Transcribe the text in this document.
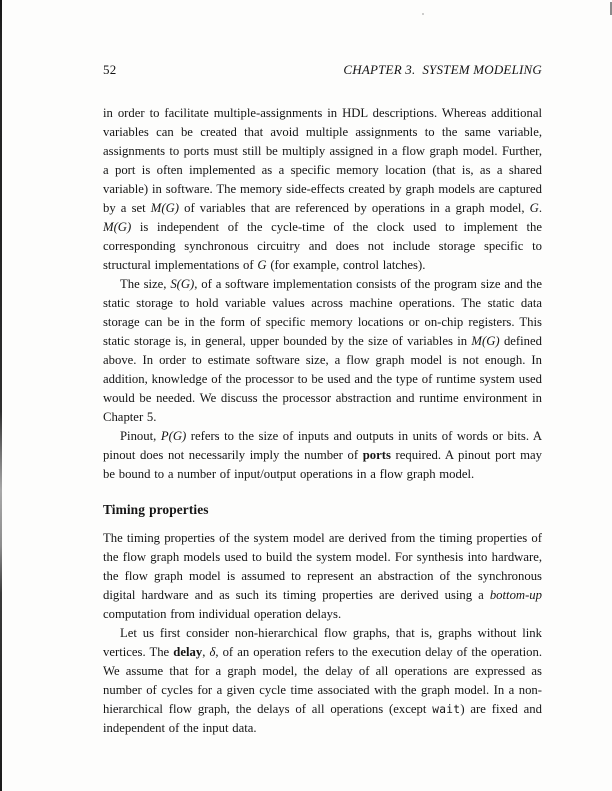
52	CHAPTER 3.  SYSTEM MODELING

in order to facilitate multiple-assignments in HDL descriptions. Whereas additional variables can be created that avoid multiple assignments to the same variable, assignments to ports must still be multiply assigned in a flow graph model. Further, a port is often implemented as a specific memory location (that is, as a shared variable) in software. The memory side-effects created by graph models are captured by a set M(G) of variables that are referenced by operations in a graph model, G. M(G) is independent of the cycle-time of the clock used to implement the corresponding synchronous circuitry and does not include storage specific to structural implementations of G (for example, control latches).

The size, S(G), of a software implementation consists of the program size and the static storage to hold variable values across machine operations. The static data storage can be in the form of specific memory locations or on-chip registers. This static storage is, in general, upper bounded by the size of variables in M(G) defined above. In order to estimate software size, a flow graph model is not enough. In addition, knowledge of the processor to be used and the type of runtime system used would be needed. We discuss the processor abstraction and runtime environment in Chapter 5.

Pinout, P(G) refers to the size of inputs and outputs in units of words or bits. A pinout does not necessarily imply the number of ports required. A pinout port may be bound to a number of input/output operations in a flow graph model.

Timing properties

The timing properties of the system model are derived from the timing properties of the flow graph models used to build the system model. For synthesis into hardware, the flow graph model is assumed to represent an abstraction of the synchronous digital hardware and as such its timing properties are derived using a bottom-up computation from individual operation delays.

Let us first consider non-hierarchical flow graphs, that is, graphs without link vertices. The delay, δ, of an operation refers to the execution delay of the operation. We assume that for a graph model, the delay of all operations are expressed as number of cycles for a given cycle time associated with the graph model. In a non-hierarchical flow graph, the delays of all operations (except wait) are fixed and independent of the input data.
